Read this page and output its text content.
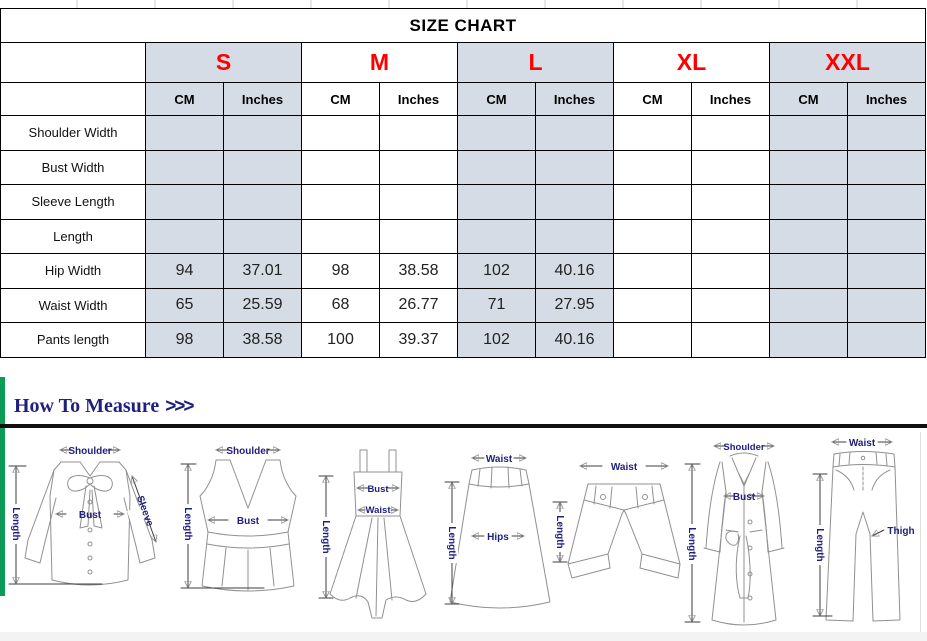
SIZE CHART										
	S		M		L		XL		XXL	
	CM	Inches	CM	Inches	CM	Inches	CM	Inches	CM	Inches
Shoulder Width										
Bust Width										
Sleeve Length										
Length										
Hip Width	94	37.01	98	38.58	102	40.16				
Waist Width	65	25.59	68	26.77	71	27.95				
Pants length	98	38.58	100	39.37	102	40.16				
How To Measure >>>
Shoulder
Bust	Sleeve
Length
Shoulder
Bust
Length
Bust
Waist
Length
Waist
Hips
Length
Waist
Length
Shoulder
Bust
Length
Waist
Thigh
Length
